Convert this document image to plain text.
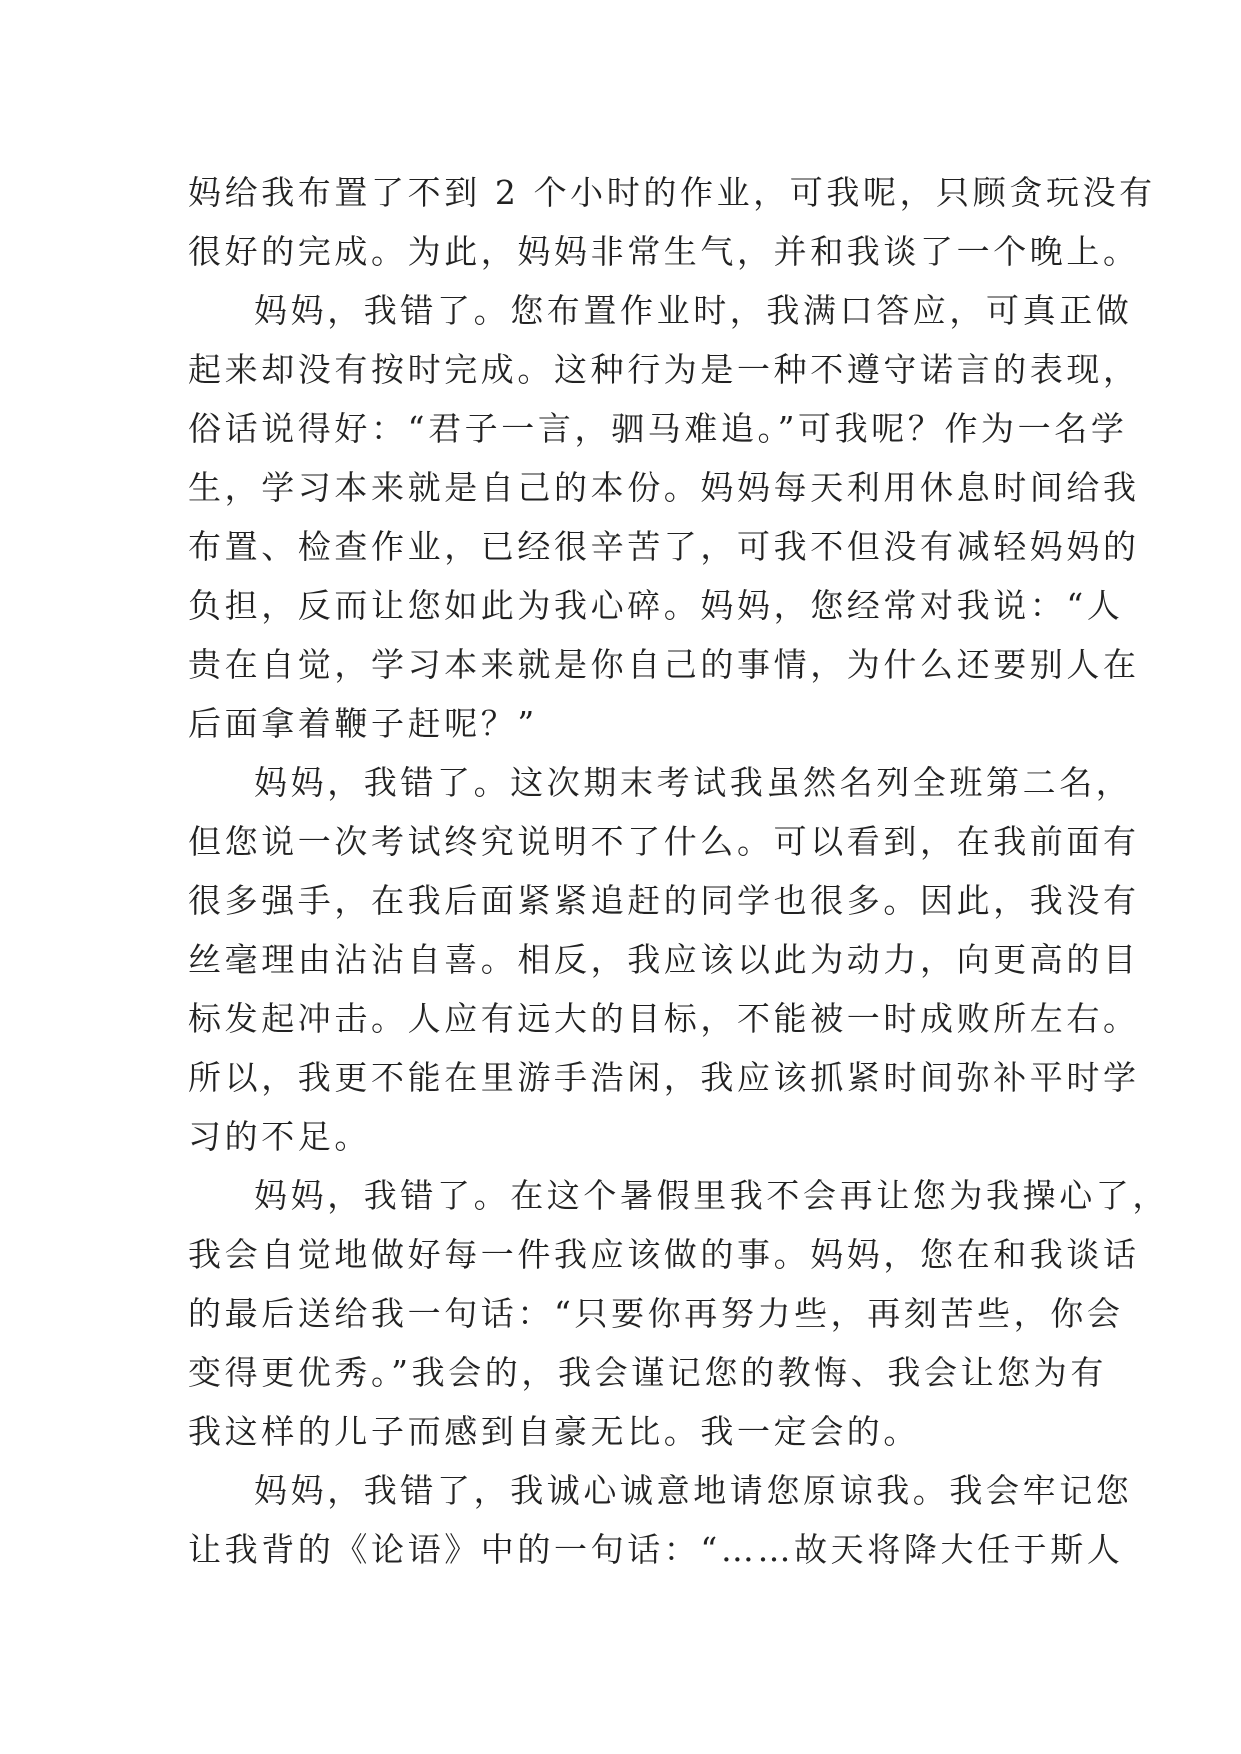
妈给我布置了不到 2 个小时的作业，可我呢，只顾贪玩没有
很好的完成。为此，妈妈非常生气，并和我谈了一个晚上。
妈妈，我错了。您布置作业时，我满口答应，可真正做
起来却没有按时完成。这种行为是一种不遵守诺言的表现，
俗话说得好：“君子一言，驷马难追。”可我呢？作为一名学
生，学习本来就是自己的本份。妈妈每天利用休息时间给我
布置、检查作业，已经很辛苦了，可我不但没有减轻妈妈的
负担，反而让您如此为我心碎。妈妈，您经常对我说：“人
贵在自觉，学习本来就是你自己的事情，为什么还要别人在
后面拿着鞭子赶呢？”
妈妈，我错了。这次期末考试我虽然名列全班第二名，
但您说一次考试终究说明不了什么。可以看到，在我前面有
很多强手，在我后面紧紧追赶的同学也很多。因此，我没有
丝毫理由沾沾自喜。相反，我应该以此为动力，向更高的目
标发起冲击。人应有远大的目标，不能被一时成败所左右。
所以，我更不能在里游手浩闲，我应该抓紧时间弥补平时学
习的不足。
妈妈，我错了。在这个暑假里我不会再让您为我操心了，
我会自觉地做好每一件我应该做的事。妈妈，您在和我谈话
的最后送给我一句话：“只要你再努力些，再刻苦些，你会
变得更优秀。”我会的，我会谨记您的教悔、我会让您为有
我这样的儿子而感到自豪无比。我一定会的。
妈妈，我错了，我诚心诚意地请您原谅我。我会牢记您
让我背的《论语》中的一句话：“……故天将降大任于斯人
